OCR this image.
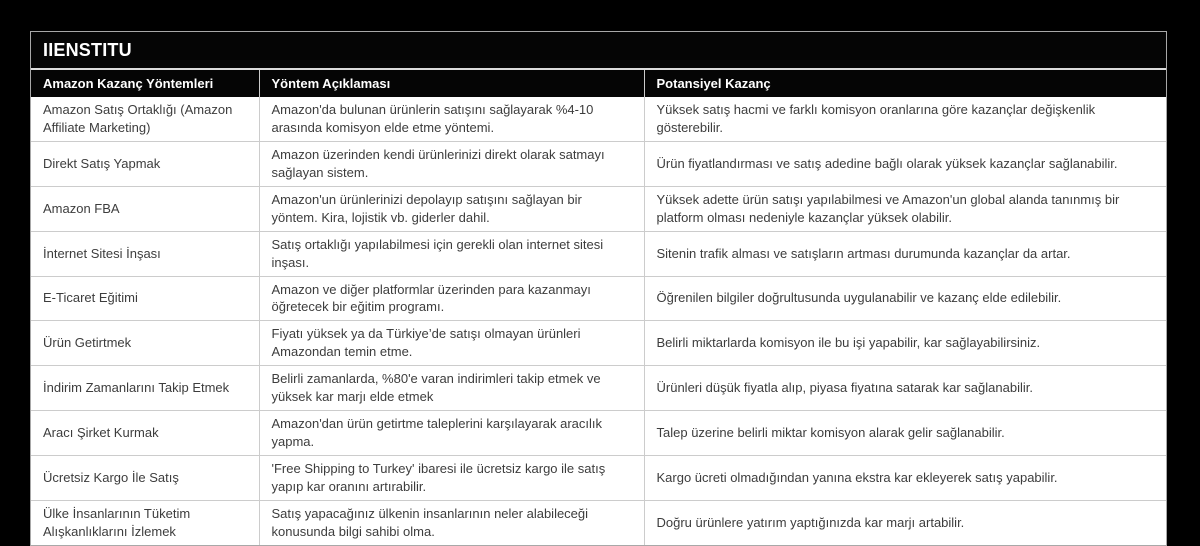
IIENSTITU
Amazon Kazanç Yöntemleri	Yöntem Açıklaması	Potansiyel Kazanç
Amazon Satış Ortaklığı (Amazon Affiliate Marketing)	Amazon'da bulunan ürünlerin satışını sağlayarak %4-10 arasında komisyon elde etme yöntemi.	Yüksek satış hacmi ve farklı komisyon oranlarına göre kazançlar değişkenlik gösterebilir.
Direkt Satış Yapmak	Amazon üzerinden kendi ürünlerinizi direkt olarak satmayı sağlayan sistem.	Ürün fiyatlandırması ve satış adedine bağlı olarak yüksek kazançlar sağlanabilir.
Amazon FBA	Amazon'un ürünlerinizi depolayıp satışını sağlayan bir yöntem. Kira, lojistik vb. giderler dahil.	Yüksek adette ürün satışı yapılabilmesi ve Amazon'un global alanda tanınmış bir platform olması nedeniyle kazançlar yüksek olabilir.
İnternet Sitesi İnşası	Satış ortaklığı yapılabilmesi için gerekli olan internet sitesi inşası.	Sitenin trafik alması ve satışların artması durumunda kazançlar da artar.
E-Ticaret Eğitimi	Amazon ve diğer platformlar üzerinden para kazanmayı öğretecek bir eğitim programı.	Öğrenilen bilgiler doğrultusunda uygulanabilir ve kazanç elde edilebilir.
Ürün Getirtmek	Fiyatı yüksek ya da Türkiye’de satışı olmayan ürünleri Amazondan temin etme.	Belirli miktarlarda komisyon ile bu işi yapabilir, kar sağlayabilirsiniz.
İndirim Zamanlarını Takip Etmek	Belirli zamanlarda, %80'e varan indirimleri takip etmek ve yüksek kar marjı elde etmek	Ürünleri düşük fiyatla alıp, piyasa fiyatına satarak kar sağlanabilir.
Aracı Şirket Kurmak	Amazon'dan ürün getirtme taleplerini karşılayarak aracılık yapma.	Talep üzerine belirli miktar komisyon alarak gelir sağlanabilir.
Ücretsiz Kargo İle Satış	'Free Shipping to Turkey' ibaresi ile ücretsiz kargo ile satış yapıp kar oranını artırabilir.	Kargo ücreti olmadığından yanına ekstra kar ekleyerek satış yapabilir.
Ülke İnsanlarının Tüketim Alışkanlıklarını İzlemek	Satış yapacağınız ülkenin insanlarının neler alabileceği konusunda bilgi sahibi olma.	Doğru ürünlere yatırım yaptığınızda kar marjı artabilir.
